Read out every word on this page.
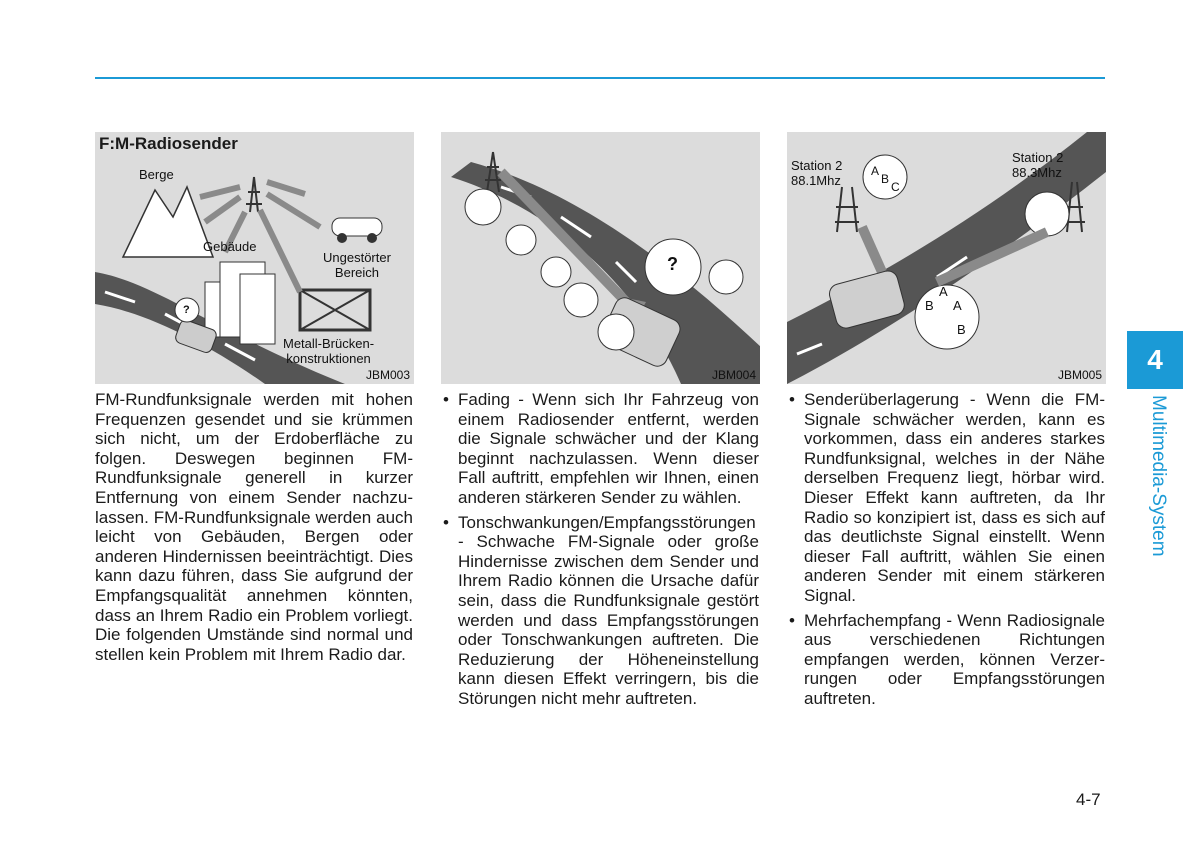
4
Multimedia-System
F:M-Radiosender
Berge
Gebäude
Ungestörter
Bereich
Metall-Brücken-
konstruktionen
?
JBM003
?
JBM004
Station 2
88.1Mhz
Station 2
88.3Mhz
A
B
C
A
B A
B
JBM005

FM-Rundfunksignale werden mit hohen Frequenzen gesendet und sie krümmen sich nicht, um der Erdoberfläche zu folgen. Deswegen beginnen FM-Rundfunksignale generell in kurzer Entfernung von einem Sender nachzulassen. FM-Rundfunksignale werden auch leicht von Gebäuden, Bergen oder anderen Hindernissen beeinträchtigt. Dies kann dazu führen, dass Sie aufgrund der Empfangsqualität annehmen könnten, dass an Ihrem Radio ein Problem vorliegt. Die folgenden Umstände sind normal und stellen kein Problem mit Ihrem Radio dar.

• Fading - Wenn sich Ihr Fahrzeug von einem Radiosender entfernt, werden die Signale schwächer und der Klang beginnt nachzulassen. Wenn dieser Fall auftritt, empfehlen wir Ihnen, einen anderen stärkeren Sender zu wählen.
• Tonschwankungen/Empfangsstörungen - Schwache FM-Signale oder große Hindernisse zwischen dem Sender und Ihrem Radio können die Ursache dafür sein, dass die Rundfunksignale gestört werden und dass Empfangsstörungen oder Tonschwankungen auftreten. Die Reduzierung der Höheneinstellung kann diesen Effekt verringern, bis die Störungen nicht mehr auftreten.
• Senderüberlagerung - Wenn die FM-Signale schwächer werden, kann es vorkommen, dass ein anderes starkes Rundfunksignal, welches in der Nähe derselben Frequenz liegt, hörbar wird. Dieser Effekt kann auftreten, da Ihr Radio so konzipiert ist, dass es sich auf das deutlichste Signal einstellt. Wenn dieser Fall auftritt, wählen Sie einen anderen Sender mit einem stärkeren Signal.
• Mehrfachempfang - Wenn Radiosignale aus verschiedenen Richtungen empfangen werden, können Verzerrungen oder Empfangsstörungen auftreten.
4-7
